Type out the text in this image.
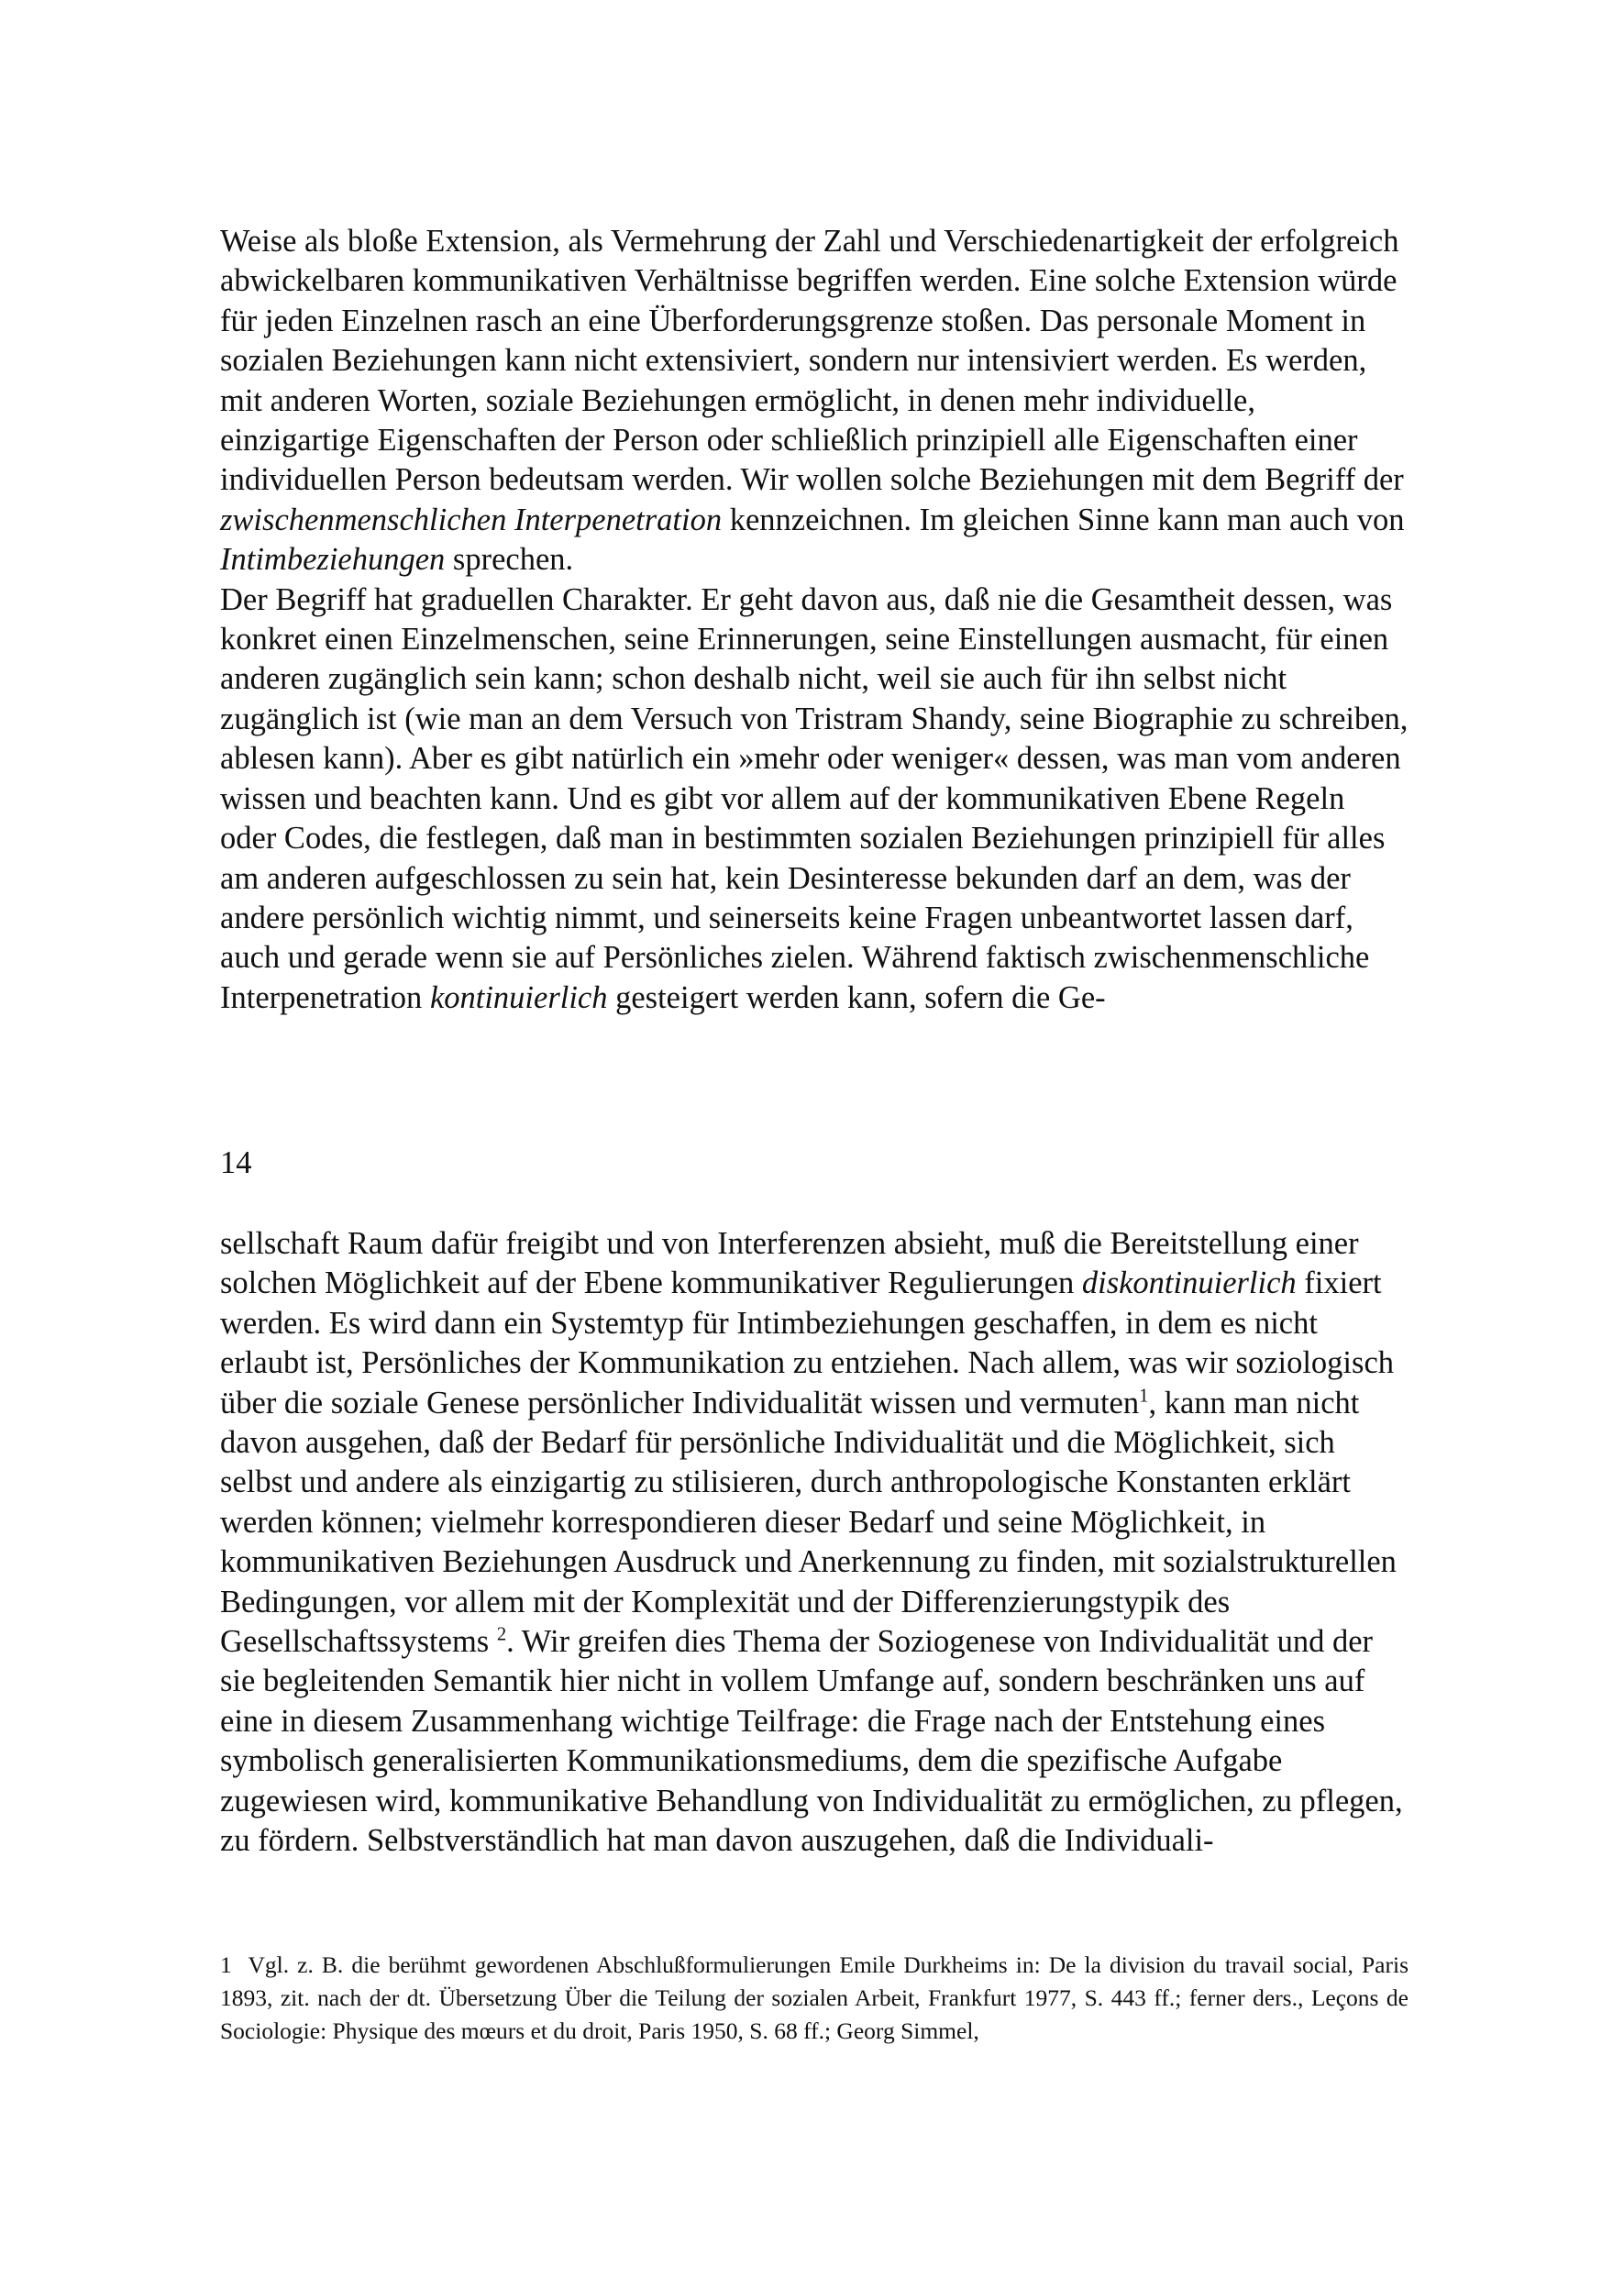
Weise als bloße Extension, als Vermehrung der Zahl und Verschiedenartigkeit der erfolgreich abwickelbaren kommunikativen Verhältnisse begriffen werden. Eine solche Extension würde für jeden Einzelnen rasch an eine Überforderungsgrenze stoßen. Das personale Moment in sozialen Beziehungen kann nicht extensiviert, sondern nur intensiviert werden. Es werden, mit anderen Worten, soziale Beziehungen ermöglicht, in denen mehr individuelle, einzigartige Eigenschaften der Person oder schließlich prinzipiell alle Eigenschaften einer individuellen Person bedeutsam werden. Wir wollen solche Beziehungen mit dem Begriff der zwischenmenschlichen Interpenetration kennzeichnen. Im gleichen Sinne kann man auch von Intimbeziehungen sprechen.

Der Begriff hat graduellen Charakter. Er geht davon aus, daß nie die Gesamtheit dessen, was konkret einen Einzelmenschen, seine Erinnerungen, seine Einstellungen ausmacht, für einen anderen zugänglich sein kann; schon deshalb nicht, weil sie auch für ihn selbst nicht zugänglich ist (wie man an dem Versuch von Tristram Shandy, seine Biographie zu schreiben, ablesen kann). Aber es gibt natürlich ein »mehr oder weniger« dessen, was man vom anderen wissen und beachten kann. Und es gibt vor allem auf der kommunikativen Ebene Regeln oder Codes, die festlegen, daß man in bestimmten sozialen Beziehungen prinzipiell für alles am anderen aufgeschlossen zu sein hat, kein Desinteresse bekunden darf an dem, was der andere persönlich wichtig nimmt, und seinerseits keine Fragen unbeantwortet lassen darf, auch und gerade wenn sie auf Persönliches zielen. Während faktisch zwischenmenschliche Interpenetration kontinuierlich gesteigert werden kann, sofern die Ge-

14

sellschaft Raum dafür freigibt und von Interferenzen absieht, muß die Bereitstellung einer solchen Möglichkeit auf der Ebene kommunikativer Regulierungen diskontinuierlich fixiert werden. Es wird dann ein Systemtyp für Intimbeziehungen geschaffen, in dem es nicht erlaubt ist, Persönliches der Kommunikation zu entziehen. Nach allem, was wir soziologisch über die soziale Genese persönlicher Individualität wissen und vermuten$^1$, kann man nicht davon ausgehen, daß der Bedarf für persönliche Individualität und die Möglichkeit, sich selbst und andere als einzigartig zu stilisieren, durch anthropologische Konstanten erklärt werden können; vielmehr korrespondieren dieser Bedarf und seine Möglichkeit, in kommunikativen Beziehungen Ausdruck und Anerkennung zu finden, mit sozialstrukturellen Bedingungen, vor allem mit der Komplexität und der Differenzierungstypik des Gesellschaftssystems $^2$. Wir greifen dies Thema der Soziogenese von Individualität und der sie begleitenden Semantik hier nicht in vollem Umfange auf, sondern beschränken uns auf eine in diesem Zusammenhang wichtige Teilfrage: die Frage nach der Entstehung eines symbolisch generalisierten Kommunikationsmediums, dem die spezifische Aufgabe zugewiesen wird, kommunikative Behandlung von Individualität zu ermöglichen, zu pflegen, zu fördern. Selbstverständlich hat man davon auszugehen, daß die Individuali-

1 Vgl. z. B. die berühmt gewordenen Abschlußformulierungen Emile Durkheims in: De la division du travail social, Paris 1893, zit. nach der dt. Übersetzung Über die Teilung der sozialen Arbeit, Frankfurt 1977, S. 443 ff.; ferner ders., Leçons de Sociologie: Physique des mœurs et du droit, Paris 1950, S. 68 ff.; Georg Simmel,
